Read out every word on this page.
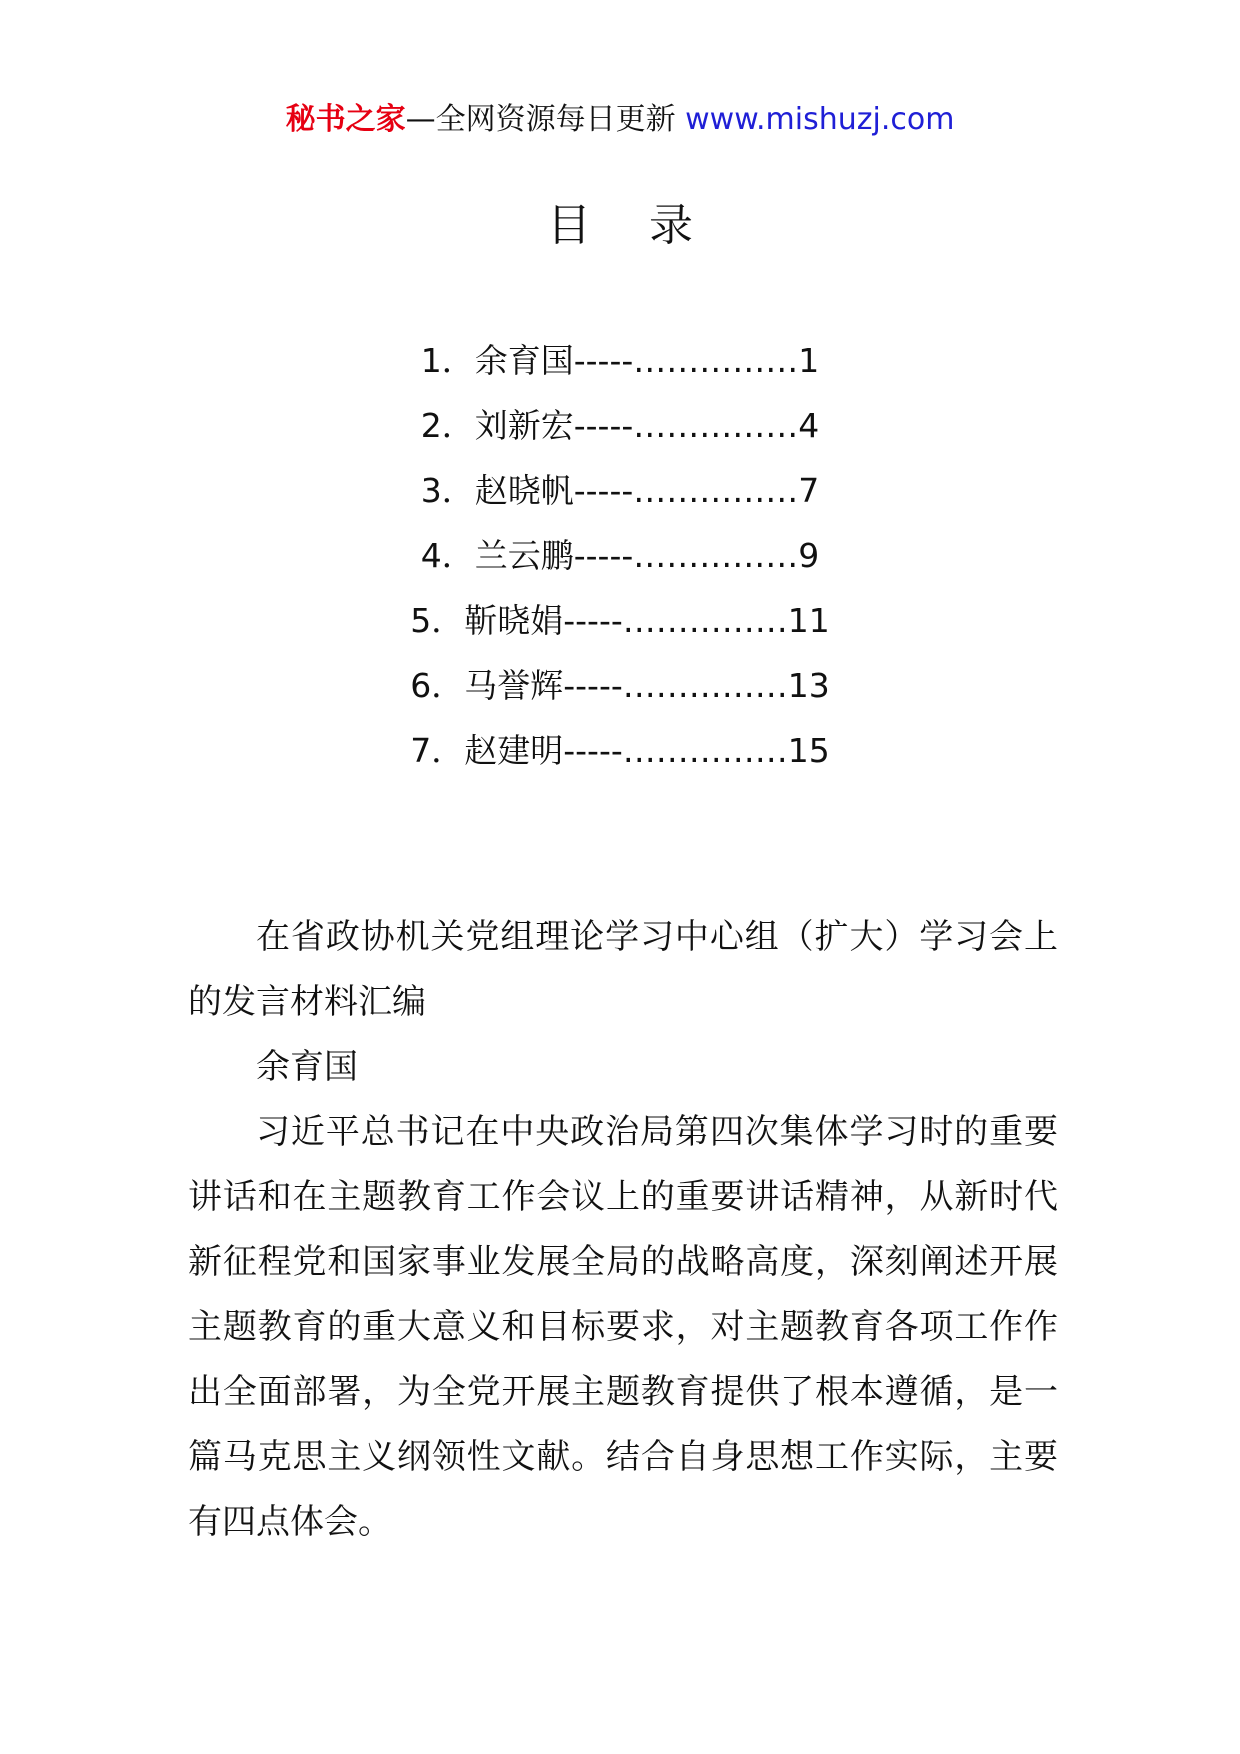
秘书之家—全网资源每日更新 www.mishuzj.com
目录
1．余育国-----……………1
2．刘新宏-----……………4
3．赵晓帆-----……………7
4．兰云鹏-----……………9
5．靳晓娟-----……………11
6．马誉辉-----……………13
7．赵建明-----……………15

在省政协机关党组理论学习中心组（扩大）学习会上的发言材料汇编

余育国

习近平总书记在中央政治局第四次集体学习时的重要讲话和在主题教育工作会议上的重要讲话精神，从新时代新征程党和国家事业发展全局的战略高度，深刻阐述开展主题教育的重大意义和目标要求，对主题教育各项工作作出全面部署，为全党开展主题教育提供了根本遵循，是一篇马克思主义纲领性文献。结合自身思想工作实际，主要有四点体会。
